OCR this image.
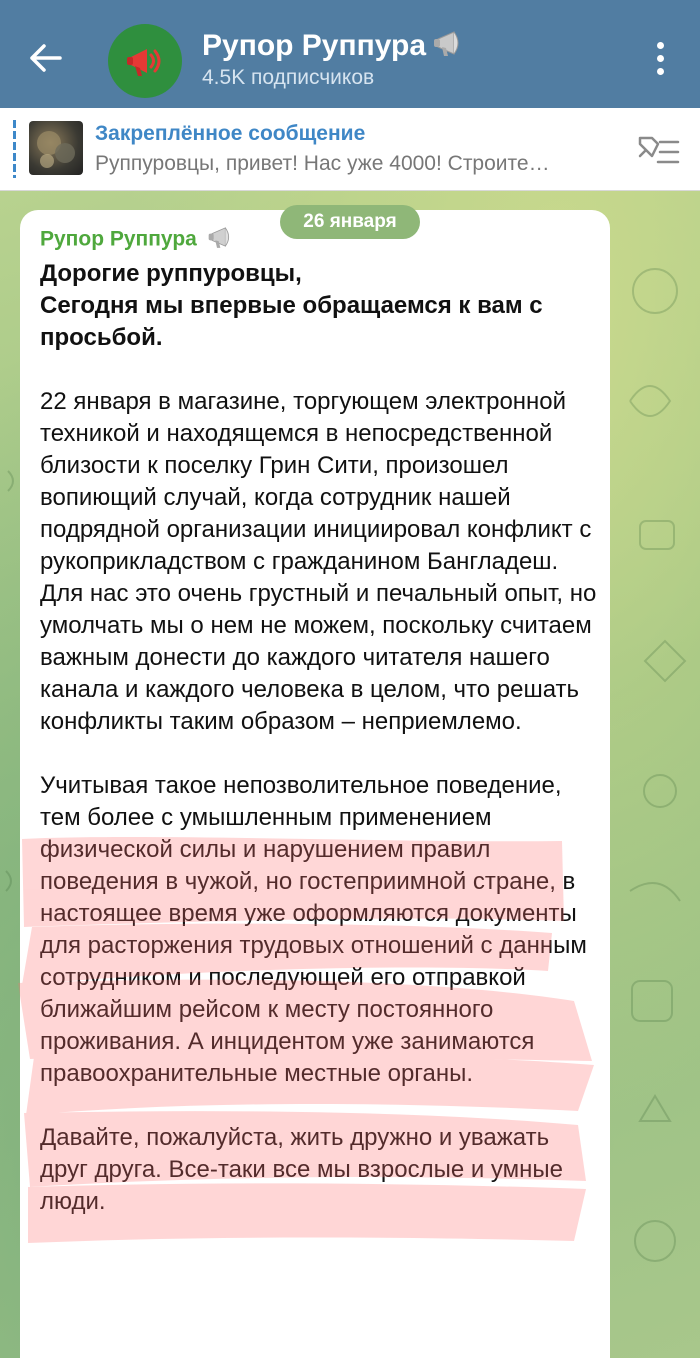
Рупор Руппура
4.5K подписчиков
Закреплённое сообщение
Руппуровцы, привет! Нас уже 4000! Строите…
Рупор Руппура

Дорогие руппуровцы,

Сегодня мы впервые обращаемся к вам с просьбой.

22 января в магазине, торгующем электронной техникой и находящемся в непосредственной близости к поселку Грин Сити, произошел вопиющий случай, когда сотрудник нашей подрядной организации инициировал конфликт с рукоприкладством с гражданином Бангладеш. Для нас это очень грустный и печальный опыт, но умолчать мы о нем не можем, поскольку считаем важным донести до каждого читателя нашего канала и каждого человека в целом, что решать конфликты таким образом – неприемлемо.

Учитывая такое непозволительное поведение, тем более с умышленным применением физической силы и нарушением правил поведения в чужой, но гостеприимной стране, в настоящее время уже оформляются документы для расторжения трудовых отношений с данным сотрудником и последующей его отправкой ближайшим рейсом к месту постоянного проживания. А инцидентом уже занимаются правоохранительные местные органы.

Давайте, пожалуйста, жить дружно и уважать друг друга. Все-таки все мы взрослые и умные люди.

26 января
